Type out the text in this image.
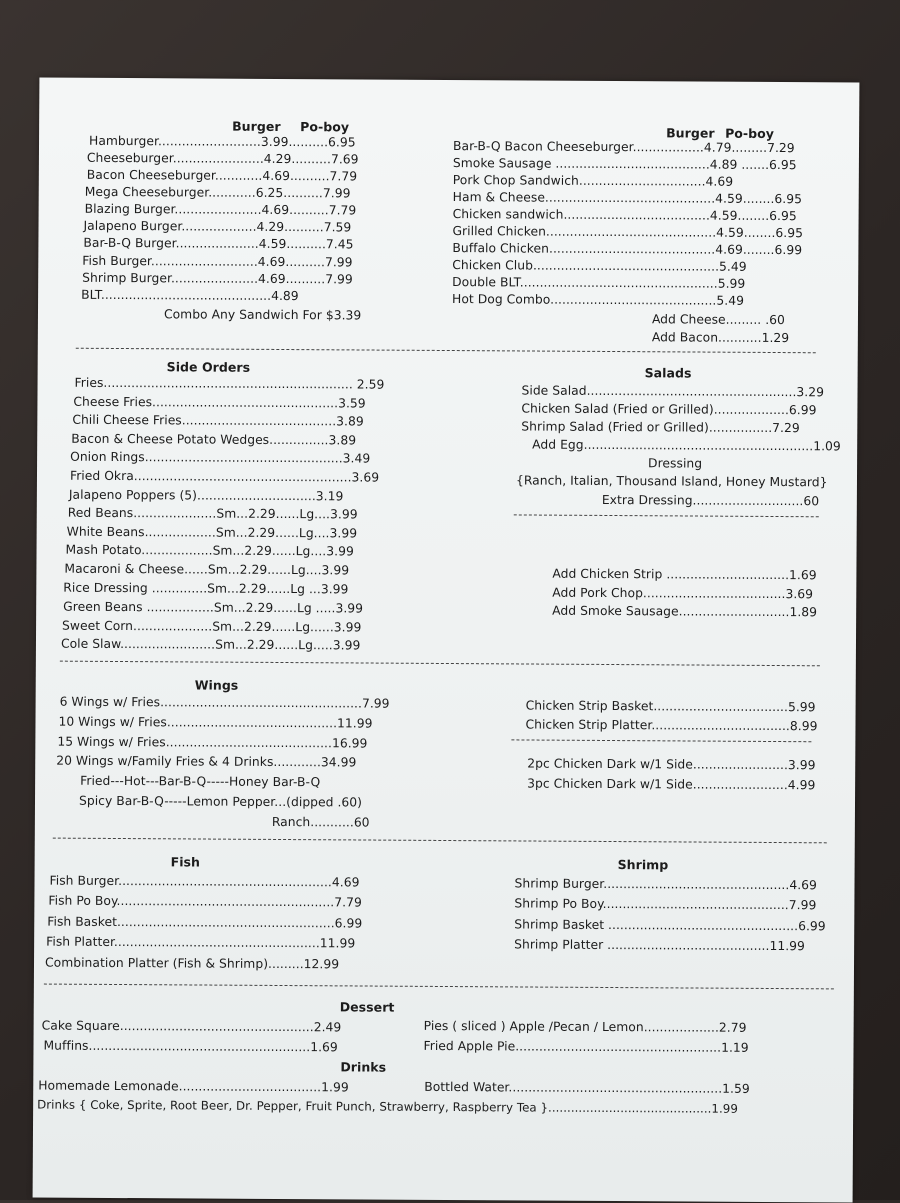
Burger Po-boy
Hamburger..........................3.99..........6.95
Cheeseburger.......................4.29..........7.69
Bacon Cheeseburger............4.69..........7.79
Mega Cheeseburger............6.25..........7.99
Blazing Burger......................4.69..........7.79
Jalapeno Burger...................4.29..........7.59
Bar-B-Q Burger.....................4.59..........7.45
Fish Burger...........................4.69..........7.99
Shrimp Burger......................4.69..........7.99
BLT...........................................4.89
Combo Any Sandwich For $3.39
Burger Po-boy
Bar-B-Q Bacon Cheeseburger..................4.79.........7.29
Smoke Sausage .......................................4.89 .......6.95
Pork Chop Sandwich................................4.69
Ham & Cheese...........................................4.59........6.95
Chicken sandwich.....................................4.59........6.95
Grilled Chicken...........................................4.59........6.95
Buffalo Chicken..........................................4.69........6.99
Chicken Club...............................................5.49
Double BLT..................................................5.99
Hot Dog Combo..........................................5.49
Add Cheese......... .60
Add Bacon...........1.29
Side Orders
Fries............................................................... 2.59
Cheese Fries...............................................3.59
Chili Cheese Fries.......................................3.89
Bacon & Cheese Potato Wedges...............3.89
Onion Rings..................................................3.49
Fried Okra.......................................................3.69
Jalapeno Poppers (5)..............................3.19
Red Beans.....................Sm...2.29......Lg....3.99
White Beans..................Sm...2.29......Lg....3.99
Mash Potato..................Sm...2.29......Lg....3.99
Macaroni & Cheese......Sm...2.29......Lg....3.99
Rice Dressing ..............Sm...2.29......Lg ...3.99
Green Beans .................Sm...2.29......Lg .....3.99
Sweet Corn....................Sm...2.29......Lg......3.99
Cole Slaw........................Sm...2.29......Lg.....3.99
Salads
Side Salad.....................................................3.29
Chicken Salad (Fried or Grilled)...................6.99
Shrimp Salad (Fried or Grilled)................7.29
Add Egg..........................................................1.09
Dressing
{Ranch, Italian, Thousand Island, Honey Mustard}
Extra Dressing............................60
Add Chicken Strip ...............................1.69
Add Pork Chop....................................3.69
Add Smoke Sausage............................1.89
Wings
6 Wings w/ Fries...................................................7.99
10 Wings w/ Fries...........................................11.99
15 Wings w/ Fries..........................................16.99
20 Wings w/Family Fries & 4 Drinks............34.99
Fried---Hot---Bar-B-Q-----Honey Bar-B-Q
Spicy Bar-B-Q-----Lemon Pepper...(dipped .60)
Ranch...........60
Chicken Strip Basket..................................5.99
Chicken Strip Platter...................................8.99
2pc Chicken Dark w/1 Side........................3.99
3pc Chicken Dark w/1 Side........................4.99
Fish
Fish Burger......................................................4.69
Fish Po Boy.......................................................7.79
Fish Basket.......................................................6.99
Fish Platter....................................................11.99
Combination Platter (Fish & Shrimp).........12.99
Shrimp
Shrimp Burger...............................................4.69
Shrimp Po Boy...............................................7.99
Shrimp Basket ................................................6.99
Shrimp Platter .........................................11.99
Dessert
Cake Square.................................................2.49
Muffins........................................................1.69
Pies ( sliced ) Apple /Pecan / Lemon...................2.79
Fried Apple Pie....................................................1.19
Drinks
Homemade Lemonade....................................1.99	Bottled Water......................................................1.59
Drinks { Coke, Sprite, Root Beer, Dr. Pepper, Fruit Punch, Strawberry, Raspberry Tea }...........................................1.99
